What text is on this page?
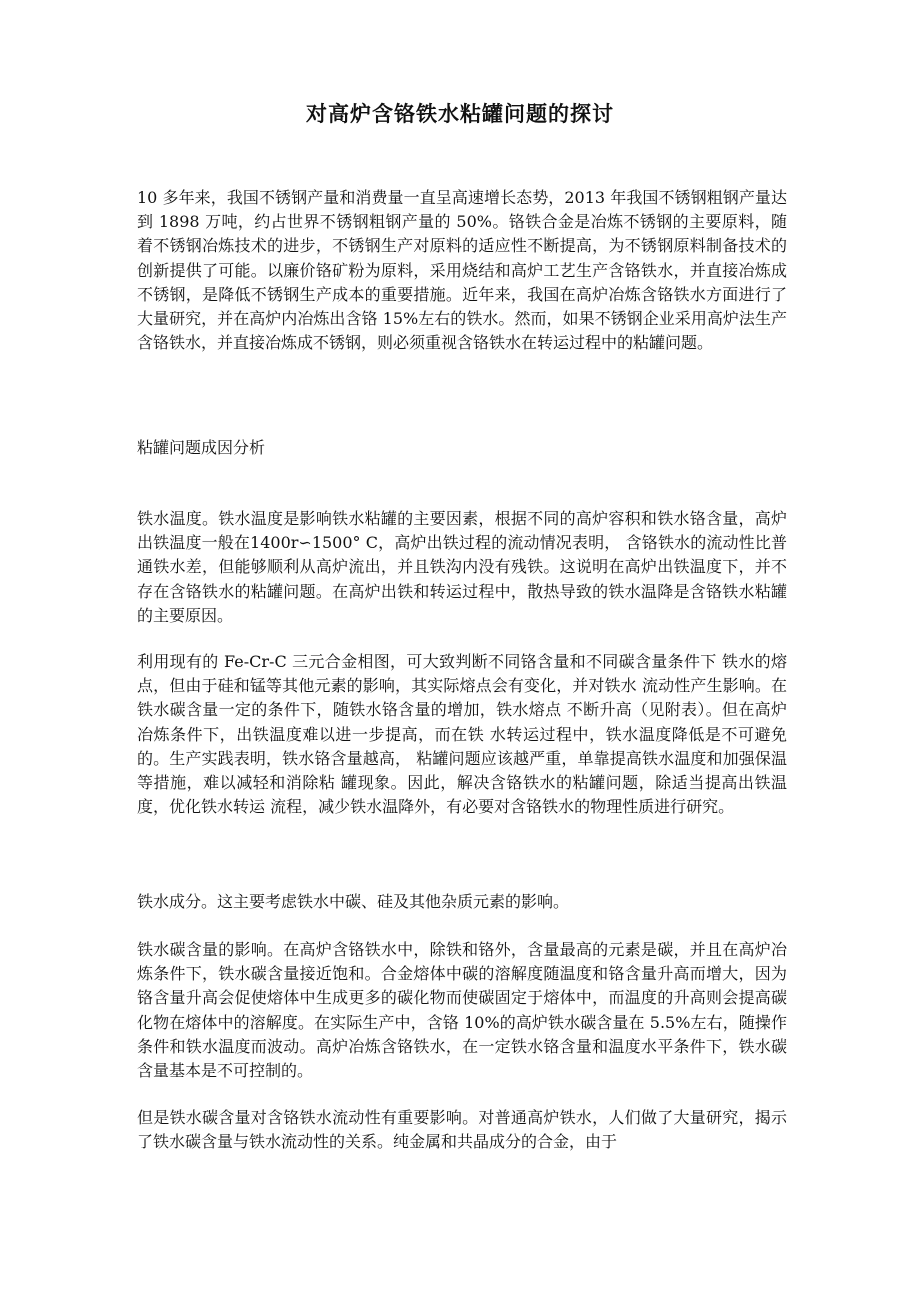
对高炉含铬铁水粘罐问题的探讨

10 多年来，我国不锈钢产量和消费量一直呈高速增长态势，2013 年我国不锈钢粗钢产量达到 1898 万吨，约占世界不锈钢粗钢产量的 50%。铬铁合金是冶炼不锈钢的主要原料，随着不锈钢冶炼技术的进步，不锈钢生产对原料的适应性不断提高，为不锈钢原料制备技术的创新提供了可能。以廉价铬矿粉为原料，采用烧结和高炉工艺生产含铬铁水，并直接冶炼成不锈钢，是降低不锈钢生产成本的重要措施。近年来，我国在高炉冶炼含铬铁水方面进行了大量研究，并在高炉内冶炼出含铬 15%左右的铁水。然而，如果不锈钢企业采用高炉法生产含铬铁水，并直接冶炼成不锈钢，则必须重视含铬铁水在转运过程中的粘罐问题。

粘罐问题成因分析

铁水温度。铁水温度是影响铁水粘罐的主要因素，根据不同的高炉容积和铁水铬含量，高炉出铁温度一般在1400r∽1500° C，高炉出铁过程的流动情况表明， 含铬铁水的流动性比普通铁水差，但能够顺利从高炉流出，并且铁沟内没有残铁。这说明在高炉出铁温度下，并不存在含铬铁水的粘罐问题。在高炉出铁和转运过程中，散热导致的铁水温降是含铬铁水粘罐的主要原因。

利用现有的 Fe-Cr-C 三元合金相图，可大致判断不同铬含量和不同碳含量条件下 铁水的熔点，但由于硅和锰等其他元素的影响，其实际熔点会有变化，并对铁水 流动性产生影响。在铁水碳含量一定的条件下，随铁水铬含量的增加，铁水熔点 不断升高（见附表）。但在高炉冶炼条件下，出铁温度难以进一步提高，而在铁 水转运过程中，铁水温度降低是不可避免的。生产实践表明，铁水铬含量越高， 粘罐问题应该越严重，单靠提高铁水温度和加强保温等措施，难以减轻和消除粘 罐现象。因此，解决含铬铁水的粘罐问题，除适当提高出铁温度，优化铁水转运 流程，减少铁水温降外，有必要对含铬铁水的物理性质进行研究。

铁水成分。这主要考虑铁水中碳、硅及其他杂质元素的影响。

铁水碳含量的影响。在高炉含铬铁水中，除铁和铬外，含量最高的元素是碳，并且在高炉冶炼条件下，铁水碳含量接近饱和。合金熔体中碳的溶解度随温度和铬含量升高而增大，因为铬含量升高会促使熔体中生成更多的碳化物而使碳固定于熔体中，而温度的升高则会提高碳化物在熔体中的溶解度。在实际生产中，含铬 10%的高炉铁水碳含量在 5.5%左右，随操作条件和铁水温度而波动。高炉冶炼含铬铁水，在一定铁水铬含量和温度水平条件下，铁水碳含量基本是不可控制的。

但是铁水碳含量对含铬铁水流动性有重要影响。对普通高炉铁水，人们做了大量研究，揭示了铁水碳含量与铁水流动性的关系。纯金属和共晶成分的合金，由于
